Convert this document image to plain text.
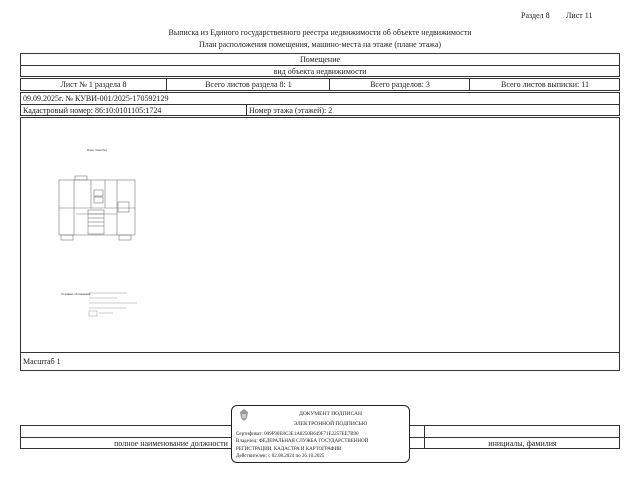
Раздел 8 Лист 11
Выписка из Единого государственного реестра недвижимости об объекте недвижимости
План расположения помещения, машино-места на этаже (плане этажа)
Помещение
вид объекта недвижимости
Лист № 1 раздела 8	Всего листов раздела 8: 1	Всего разделов: 3	Всего листов выписки: 11
09.09.2025г. № КУВИ-001/2025-170592129
Кадастровый номер: 86:10:0101105:1724	Номер этажа (этажей): 2
План этажа №2
Условные обозначения:
Масштаб 1
полное наименование должности	инициалы, фамилия
ДОКУМЕНТ ПОДПИСАН
ЭЛЕКТРОННОЙ ПОДПИСЬЮ
Сертификат: 009F90E8C3E1A8250B649F71E2257EE7B90
Владелец: ФЕДЕРАЛЬНАЯ СЛУЖБА ГОСУДАРСТВЕННОЙ
РЕГИСТРАЦИИ, КАДАСТРА И КАРТОГРАФИИ
Действителен: с 02.08.2024 по 26.10.2025
